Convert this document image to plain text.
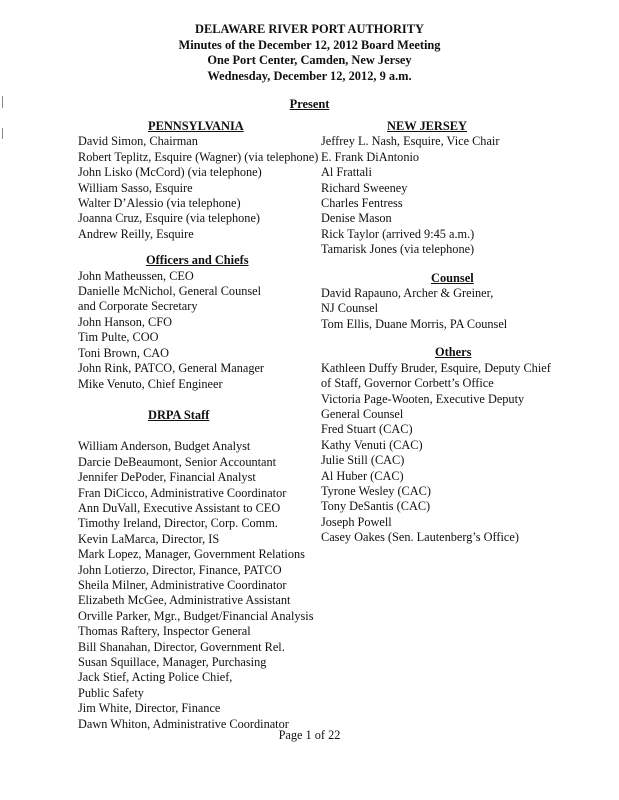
DELAWARE RIVER PORT AUTHORITY
Minutes of the December 12, 2012 Board Meeting
One Port Center, Camden, New Jersey
Wednesday, December 12, 2012, 9 a.m.
Present
PENNSYLVANIA
David Simon, Chairman
Robert Teplitz, Esquire (Wagner) (via telephone)
John Lisko (McCord) (via telephone)
William Sasso, Esquire
Walter D’Alessio (via telephone)
Joanna Cruz, Esquire (via telephone)
Andrew Reilly, Esquire
Officers and Chiefs
John Matheussen, CEO
Danielle McNichol, General Counsel
and Corporate Secretary
John Hanson, CFO
Tim Pulte, COO
Toni Brown, CAO
John Rink, PATCO, General Manager
Mike Venuto, Chief Engineer
DRPA Staff
William Anderson, Budget Analyst
Darcie DeBeaumont, Senior Accountant
Jennifer DePoder, Financial Analyst
Fran DiCicco, Administrative Coordinator
Ann DuVall, Executive Assistant to CEO
Timothy Ireland, Director, Corp. Comm.
Kevin LaMarca, Director, IS
Mark Lopez, Manager, Government Relations
John Lotierzo, Director, Finance, PATCO
Sheila Milner, Administrative Coordinator
Elizabeth McGee, Administrative Assistant
Orville Parker, Mgr., Budget/Financial Analysis
Thomas Raftery, Inspector General
Bill Shanahan, Director, Government Rel.
Susan Squillace, Manager, Purchasing
Jack Stief, Acting Police Chief,
Public Safety
Jim White, Director, Finance
Dawn Whiton, Administrative Coordinator
NEW JERSEY
Jeffrey L. Nash, Esquire, Vice Chair
E. Frank DiAntonio
Al Frattali
Richard Sweeney
Charles Fentress
Denise Mason
Rick Taylor (arrived 9:45 a.m.)
Tamarisk Jones (via telephone)
Counsel
David Rapauno, Archer & Greiner,
NJ Counsel
Tom Ellis, Duane Morris, PA Counsel
Others
Kathleen Duffy Bruder, Esquire, Deputy Chief
of Staff, Governor Corbett’s Office
Victoria Page-Wooten, Executive Deputy
General Counsel
Fred Stuart (CAC)
Kathy Venuti (CAC)
Julie Still (CAC)
Al Huber (CAC)
Tyrone Wesley (CAC)
Tony DeSantis (CAC)
Joseph Powell
Casey Oakes (Sen. Lautenberg’s Office)
Page 1 of 22
